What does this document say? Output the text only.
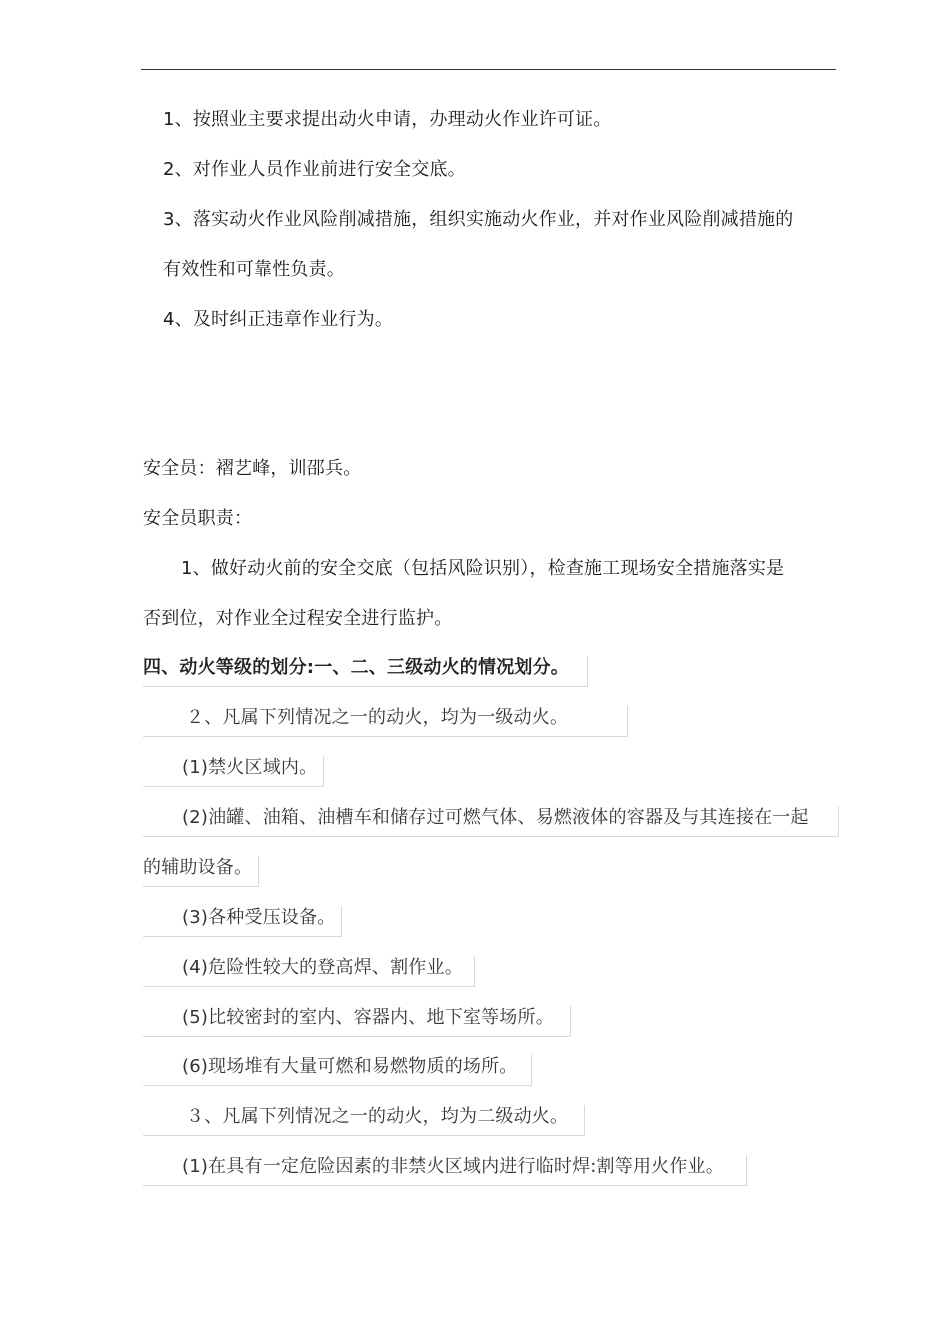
1、按照业主要求提出动火申请，办理动火作业许可证。
2、对作业人员作业前进行安全交底。
3、落实动火作业风险削减措施，组织实施动火作业，并对作业风险削减措施的
有效性和可靠性负责。
4、及时纠正违章作业行为。
安全员：褶艺峰，训邵兵。
安全员职责：
1、做好动火前的安全交底（包括风险识别），检查施工现场安全措施落实是
否到位，对作业全过程安全进行监护。
四、动火等级的划分:一、二、三级动火的情况划分。
２、凡属下列情况之一的动火，均为一级动火。
(1)禁火区域内。
(2)油罐、油箱、油槽车和储存过可燃气体、易燃液体的容器及与其连接在一起
的辅助设备。
(3)各种受压设备。
(4)危险性较大的登高焊、割作业。
(5)比较密封的室内、容器内、地下室等场所。
(6)现场堆有大量可燃和易燃物质的场所。
３、凡属下列情况之一的动火，均为二级动火。
(1)在具有一定危险因素的非禁火区域内进行临时焊:割等用火作业。
